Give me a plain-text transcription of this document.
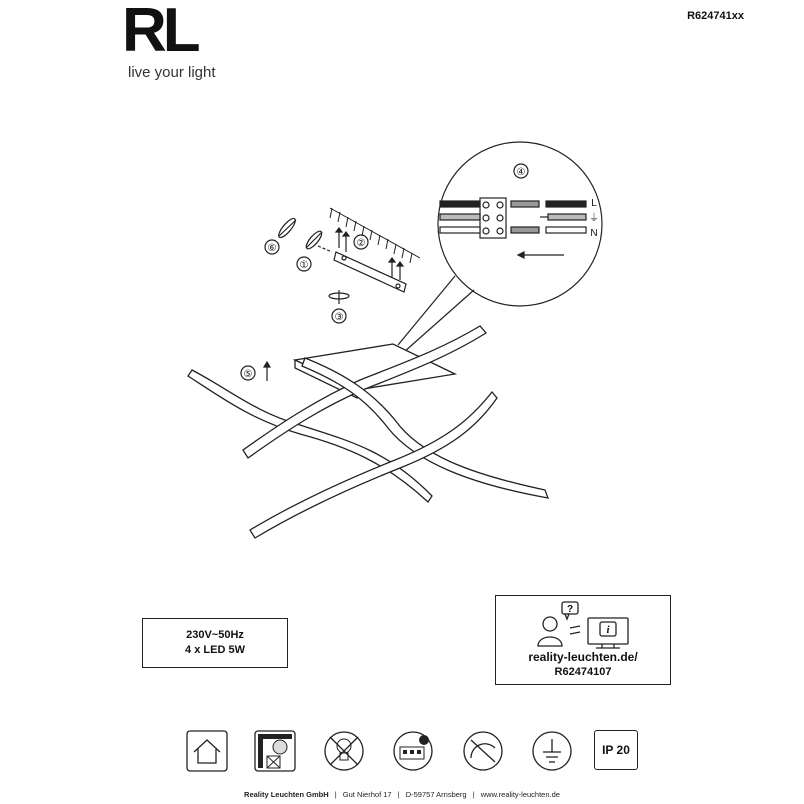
RL
live your light
R624741xx
⑥
①
②
③
④
⑤
L
⏚
N
230V~50Hz
4 x LED 5W
?
i
reality-leuchten.de/
R62474107
IP 20
Reality Leuchten GmbH | Gut Nierhof 17 | D-59757 Arnsberg | www.reality-leuchten.de
